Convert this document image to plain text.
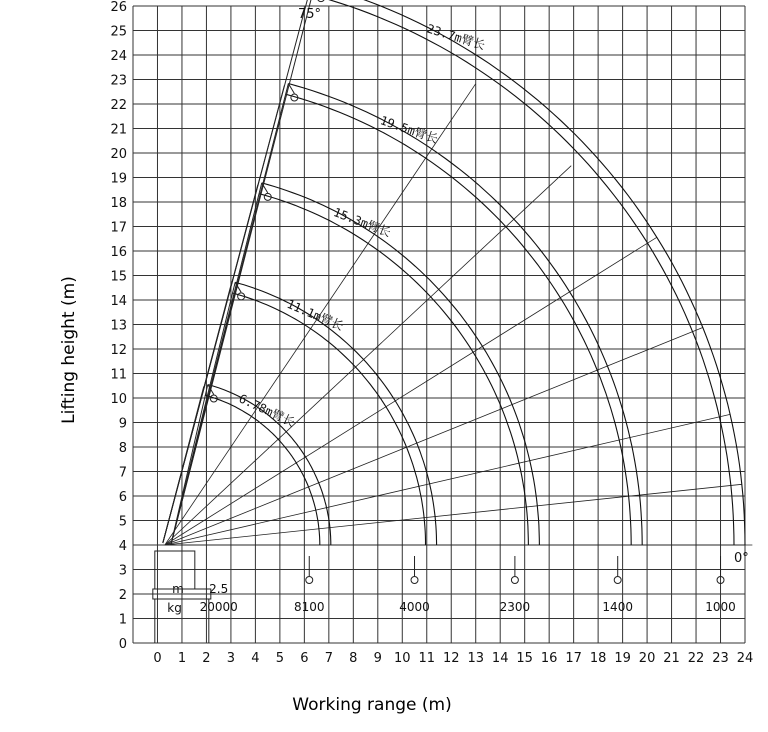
0 1 2 3 4 5 6 7 8 9 10 11 12 13 14 15 16 17 18 19 20 21 22 23 24
0
1
2
3
4
5
6
7
8
9
10
11
12
13
14
15
16
17
18
19
20
21
22
23
24
25
26
6.78m臂长
11.1m臂长
15.3m臂长
19.5m臂长
23.7m臂长
m
kg
2.5
20000	8100	4000	2300	1400	1000
Lifting height (m)
Working range (m)
75°
0°
